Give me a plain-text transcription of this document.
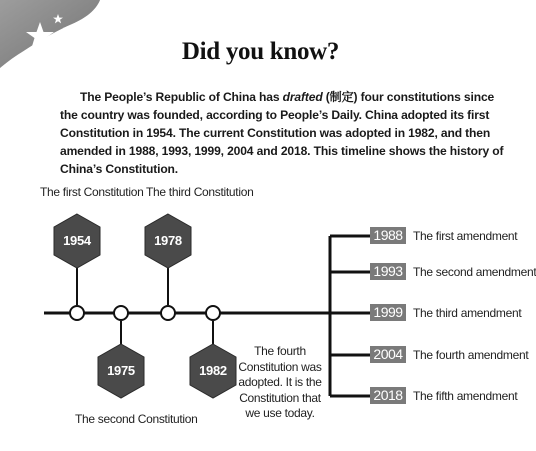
Did you know?
The People’s Republic of China has drafted (制定) four constitutions since the country was founded, according to People’s Daily. China adopted its first Constitution in 1954. The current Constitution was adopted in 1982, and then amended in 1988, 1993, 1999, 2004 and 2018. This timeline shows the history of China’s Constitution.
1954
1975
1978
1982
The first Constitution The third Constitution
The second Constitution
The fourth Constitution was adopted. It is the Constitution that we use today.
1988
1993
1999
2004
2018
The first amendment
The second amendment
The third amendment
The fourth amendment
The fifth amendment
